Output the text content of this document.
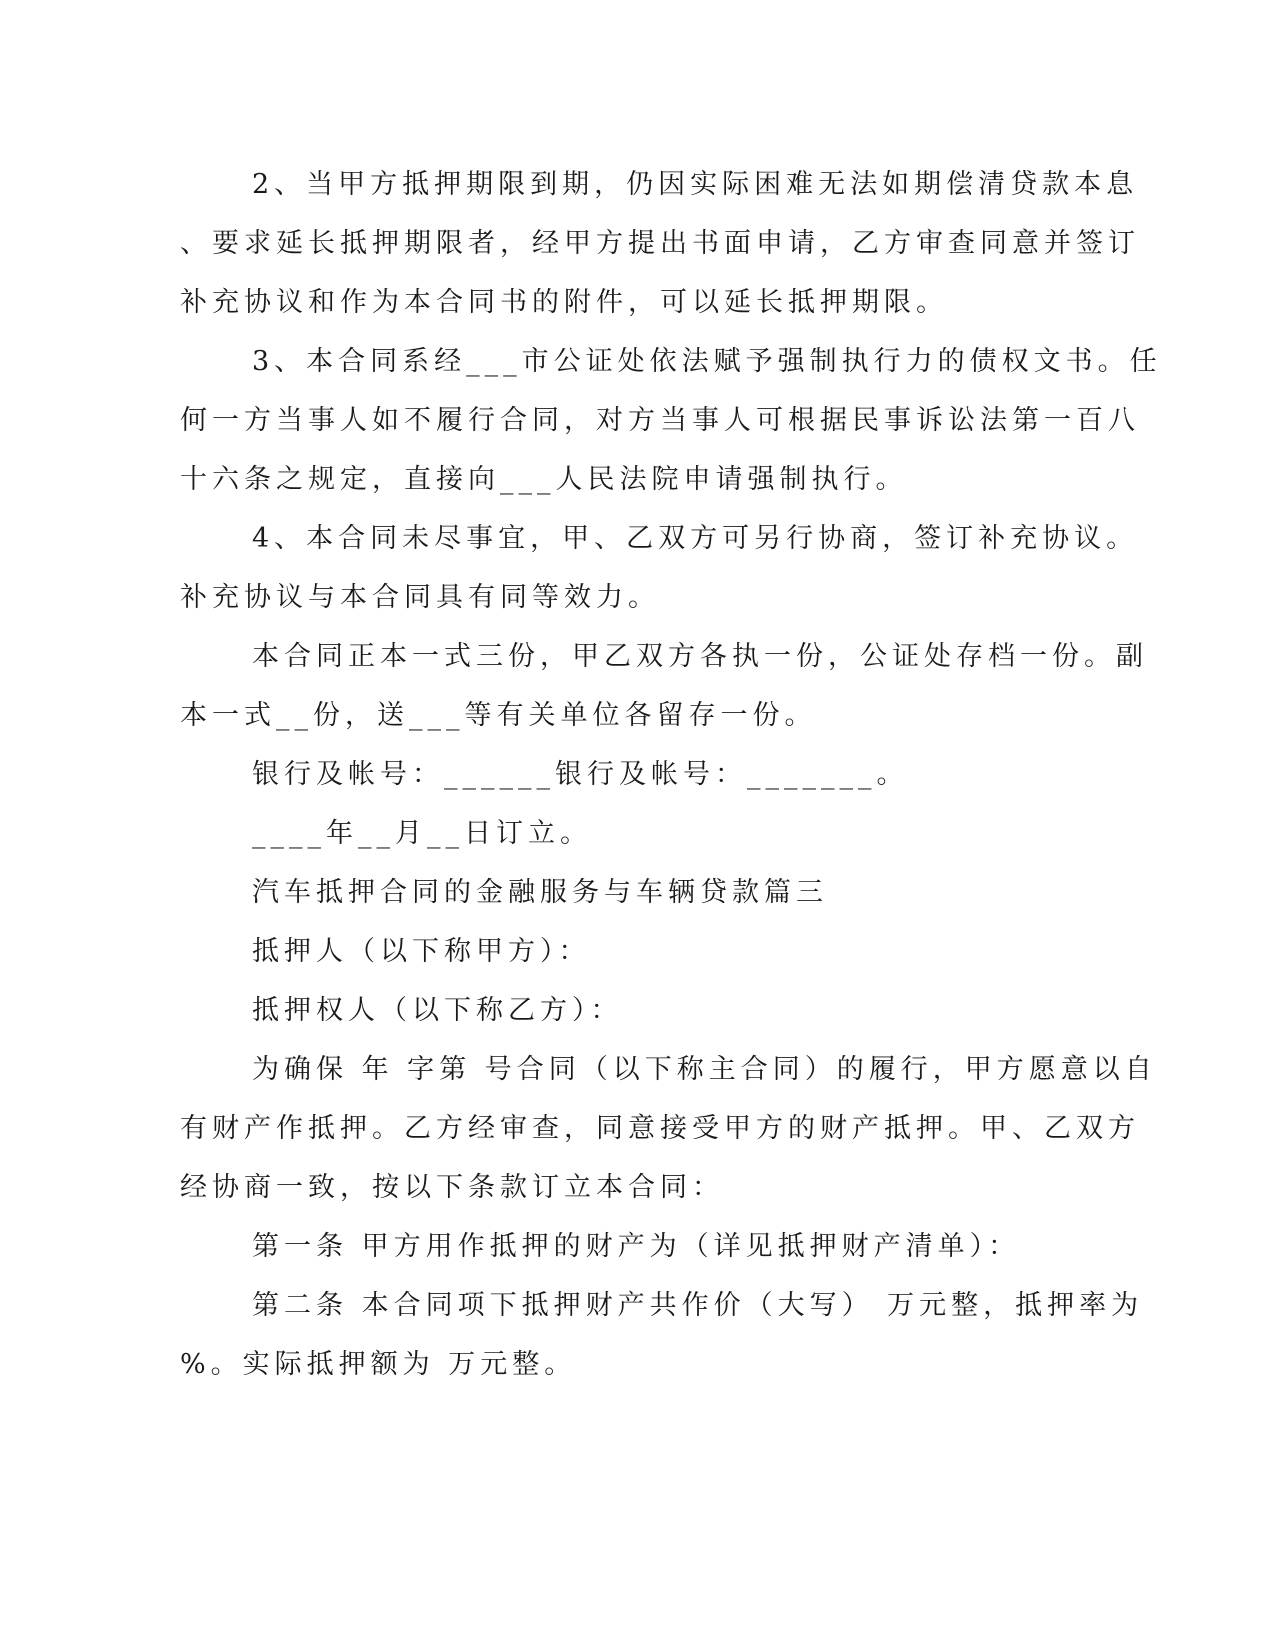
2、当甲方抵押期限到期，仍因实际困难无法如期偿清贷款本息
、要求延长抵押期限者，经甲方提出书面申请，乙方审查同意并签订
补充协议和作为本合同书的附件，可以延长抵押期限。
3、本合同系经___市公证处依法赋予强制执行力的债权文书。任
何一方当事人如不履行合同，对方当事人可根据民事诉讼法第一百八
十六条之规定，直接向___人民法院申请强制执行。
4、本合同未尽事宜，甲、乙双方可另行协商，签订补充协议。
补充协议与本合同具有同等效力。
本合同正本一式三份，甲乙双方各执一份，公证处存档一份。副
本一式__份，送___等有关单位各留存一份。
银行及帐号：______银行及帐号：_______。
____年__月__日订立。
汽车抵押合同的金融服务与车辆贷款篇三
抵押人（以下称甲方）：
抵押权人（以下称乙方）：
为确保 年 字第 号合同（以下称主合同）的履行，甲方愿意以自
有财产作抵押。乙方经审查，同意接受甲方的财产抵押。甲、乙双方
经协商一致，按以下条款订立本合同：
第一条 甲方用作抵押的财产为（详见抵押财产清单）：
第二条 本合同项下抵押财产共作价（大写） 万元整，抵押率为
%。实际抵押额为 万元整。
